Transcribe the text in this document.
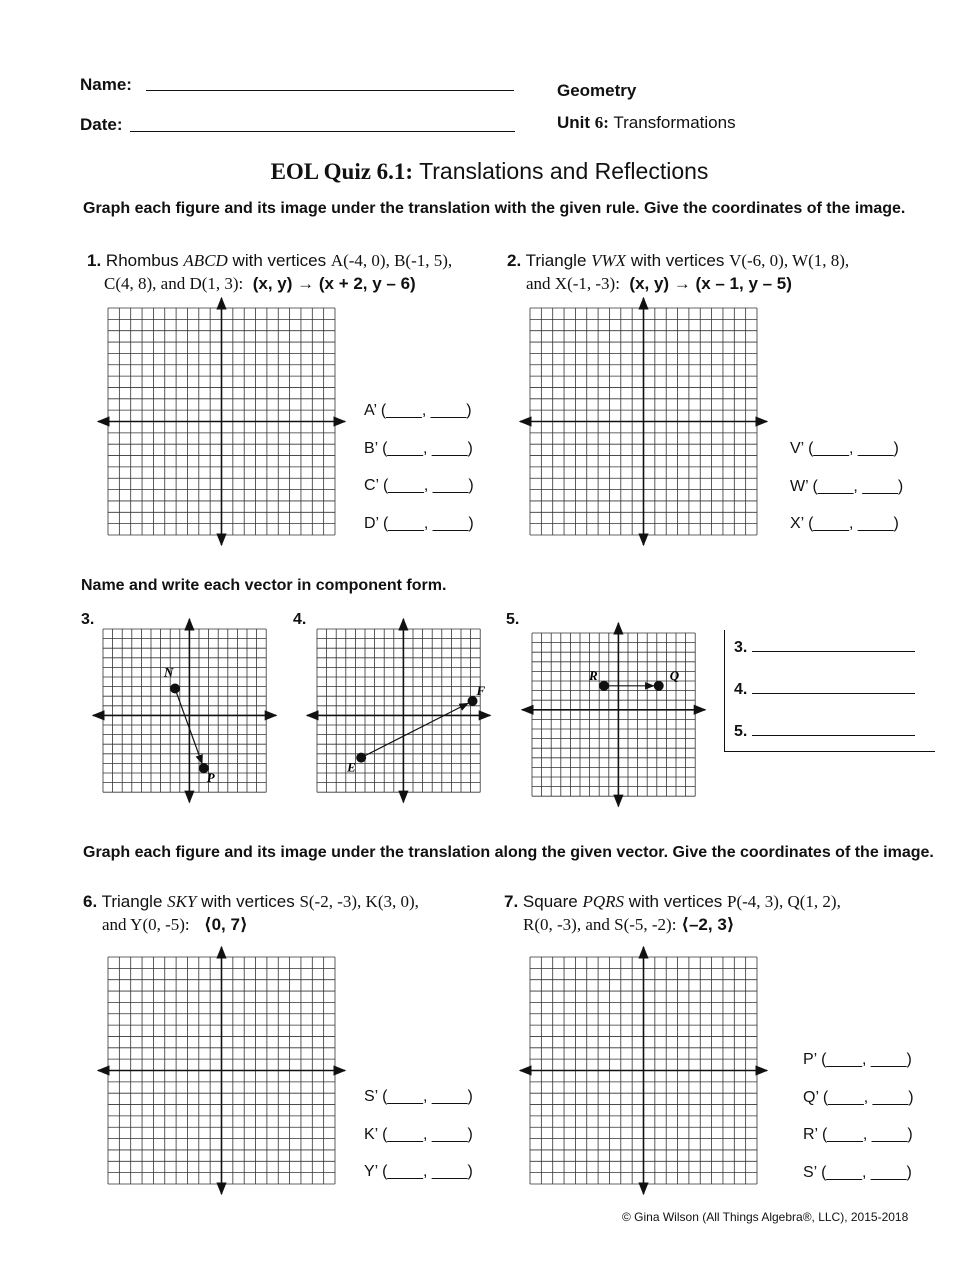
Name:
Date:
Geometry
Unit 6: Transformations
EOL Quiz 6.1: Translations and Reflections
Graph each figure and its image under the translation with the given rule. Give the coordinates of the image.
1. Rhombus ABCD with vertices A(-4, 0), B(-1, 5),
C(4, 8), and D(1, 3): (x, y) → (x + 2, y – 6)
2. Triangle VWX with vertices V(-6, 0), W(1, 8),
and X(-1, -3): (x, y) → (x – 1, y – 5)
A’ (____, ____)
B’ (____, ____)
C’ (____, ____)
D’ (____, ____)
V’ (____, ____)
W’ (____, ____)
X’ (____, ____)
Name and write each vector in component form.
3.	4.	5.
N
P
E
F
R	Q
3.
4.
5.
Graph each figure and its image under the translation along the given vector. Give the coordinates of the image.
6. Triangle SKY with vertices S(-2, -3), K(3, 0),
and Y(0, -5): ⟨0, 7⟩
7. Square PQRS with vertices P(-4, 3), Q(1, 2),
R(0, -3), and S(-5, -2): ⟨–2, 3⟩
S’ (____, ____)
K’ (____, ____)
Y’ (____, ____)
P’ (____, ____)
Q’ (____, ____)
R’ (____, ____)
S’ (____, ____)
© Gina Wilson (All Things Algebra®, LLC), 2015-2018
